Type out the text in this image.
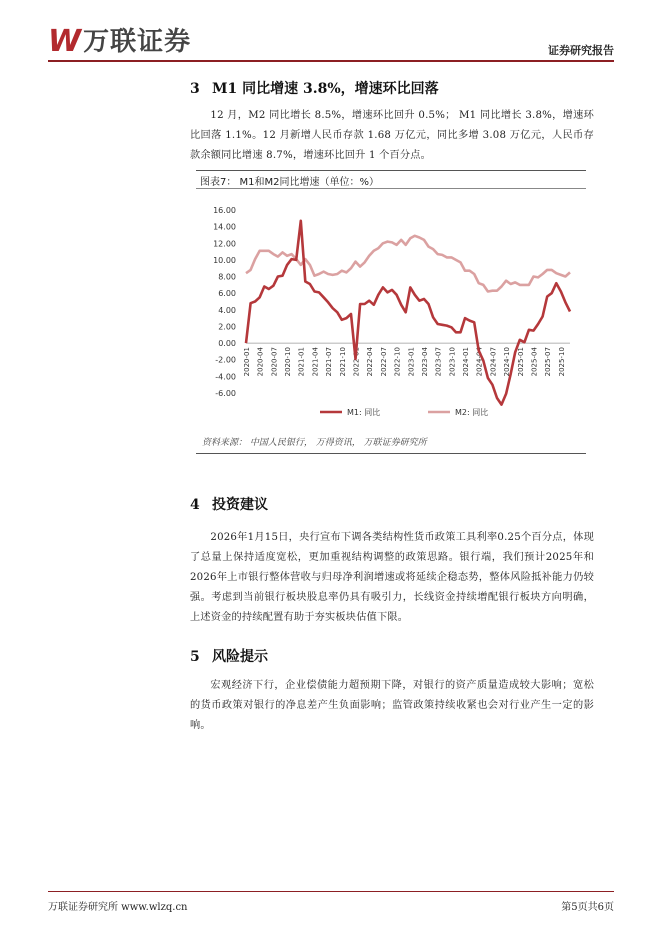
W 万联证券	证券研究报告
3 M1 同比增速 3.8%，增速环比回落
12 月，M2 同比增长 8.5%，增速环比回升 0.5%； M1 同比增长 3.8%，增速环比回落 1.1%。12 月新增人民币存款 1.68 万亿元，同比多增 3.08 万亿元，人民币存款余额同比增速 8.7%，增速环比回升 1 个百分点。
图表7： M1和M2同比增速（单位：%）
16.00
14.00
12.00
10.00
8.00
6.00
4.00
2.00
0.00
-2.00
-4.00
-6.00
2020-01 2020-04 2020-07 2020-10 2021-01 2021-04 2021-07 2021-10 2022-01 2022-04 2022-07 2022-10 2023-01 2023-04 2023-07 2023-10 2024-01 2024-04 2024-07 2024-10 2025-01 2025-04 2025-07 2025-10
M1: 同比	M2: 同比
资料来源： 中国人民银行， 万得资讯， 万联证券研究所
4 投资建议
2026年1月15日，央行宣布下调各类结构性货币政策工具利率0.25个百分点，体现了总量上保持适度宽松，更加重视结构调整的政策思路。银行端，我们预计2025年和2026年上市银行整体营收与归母净利润增速或将延续企稳态势，整体风险抵补能力仍较强。考虑到当前银行板块股息率仍具有吸引力，长线资金持续增配银行板块方向明确，上述资金的持续配置有助于夯实板块估值下限。
5 风险提示
宏观经济下行，企业偿债能力超预期下降，对银行的资产质量造成较大影响；宽松的货币政策对银行的净息差产生负面影响；监管政策持续收紧也会对行业产生一定的影响。
万联证券研究所 www.wlzq.cn	第5页共6页
